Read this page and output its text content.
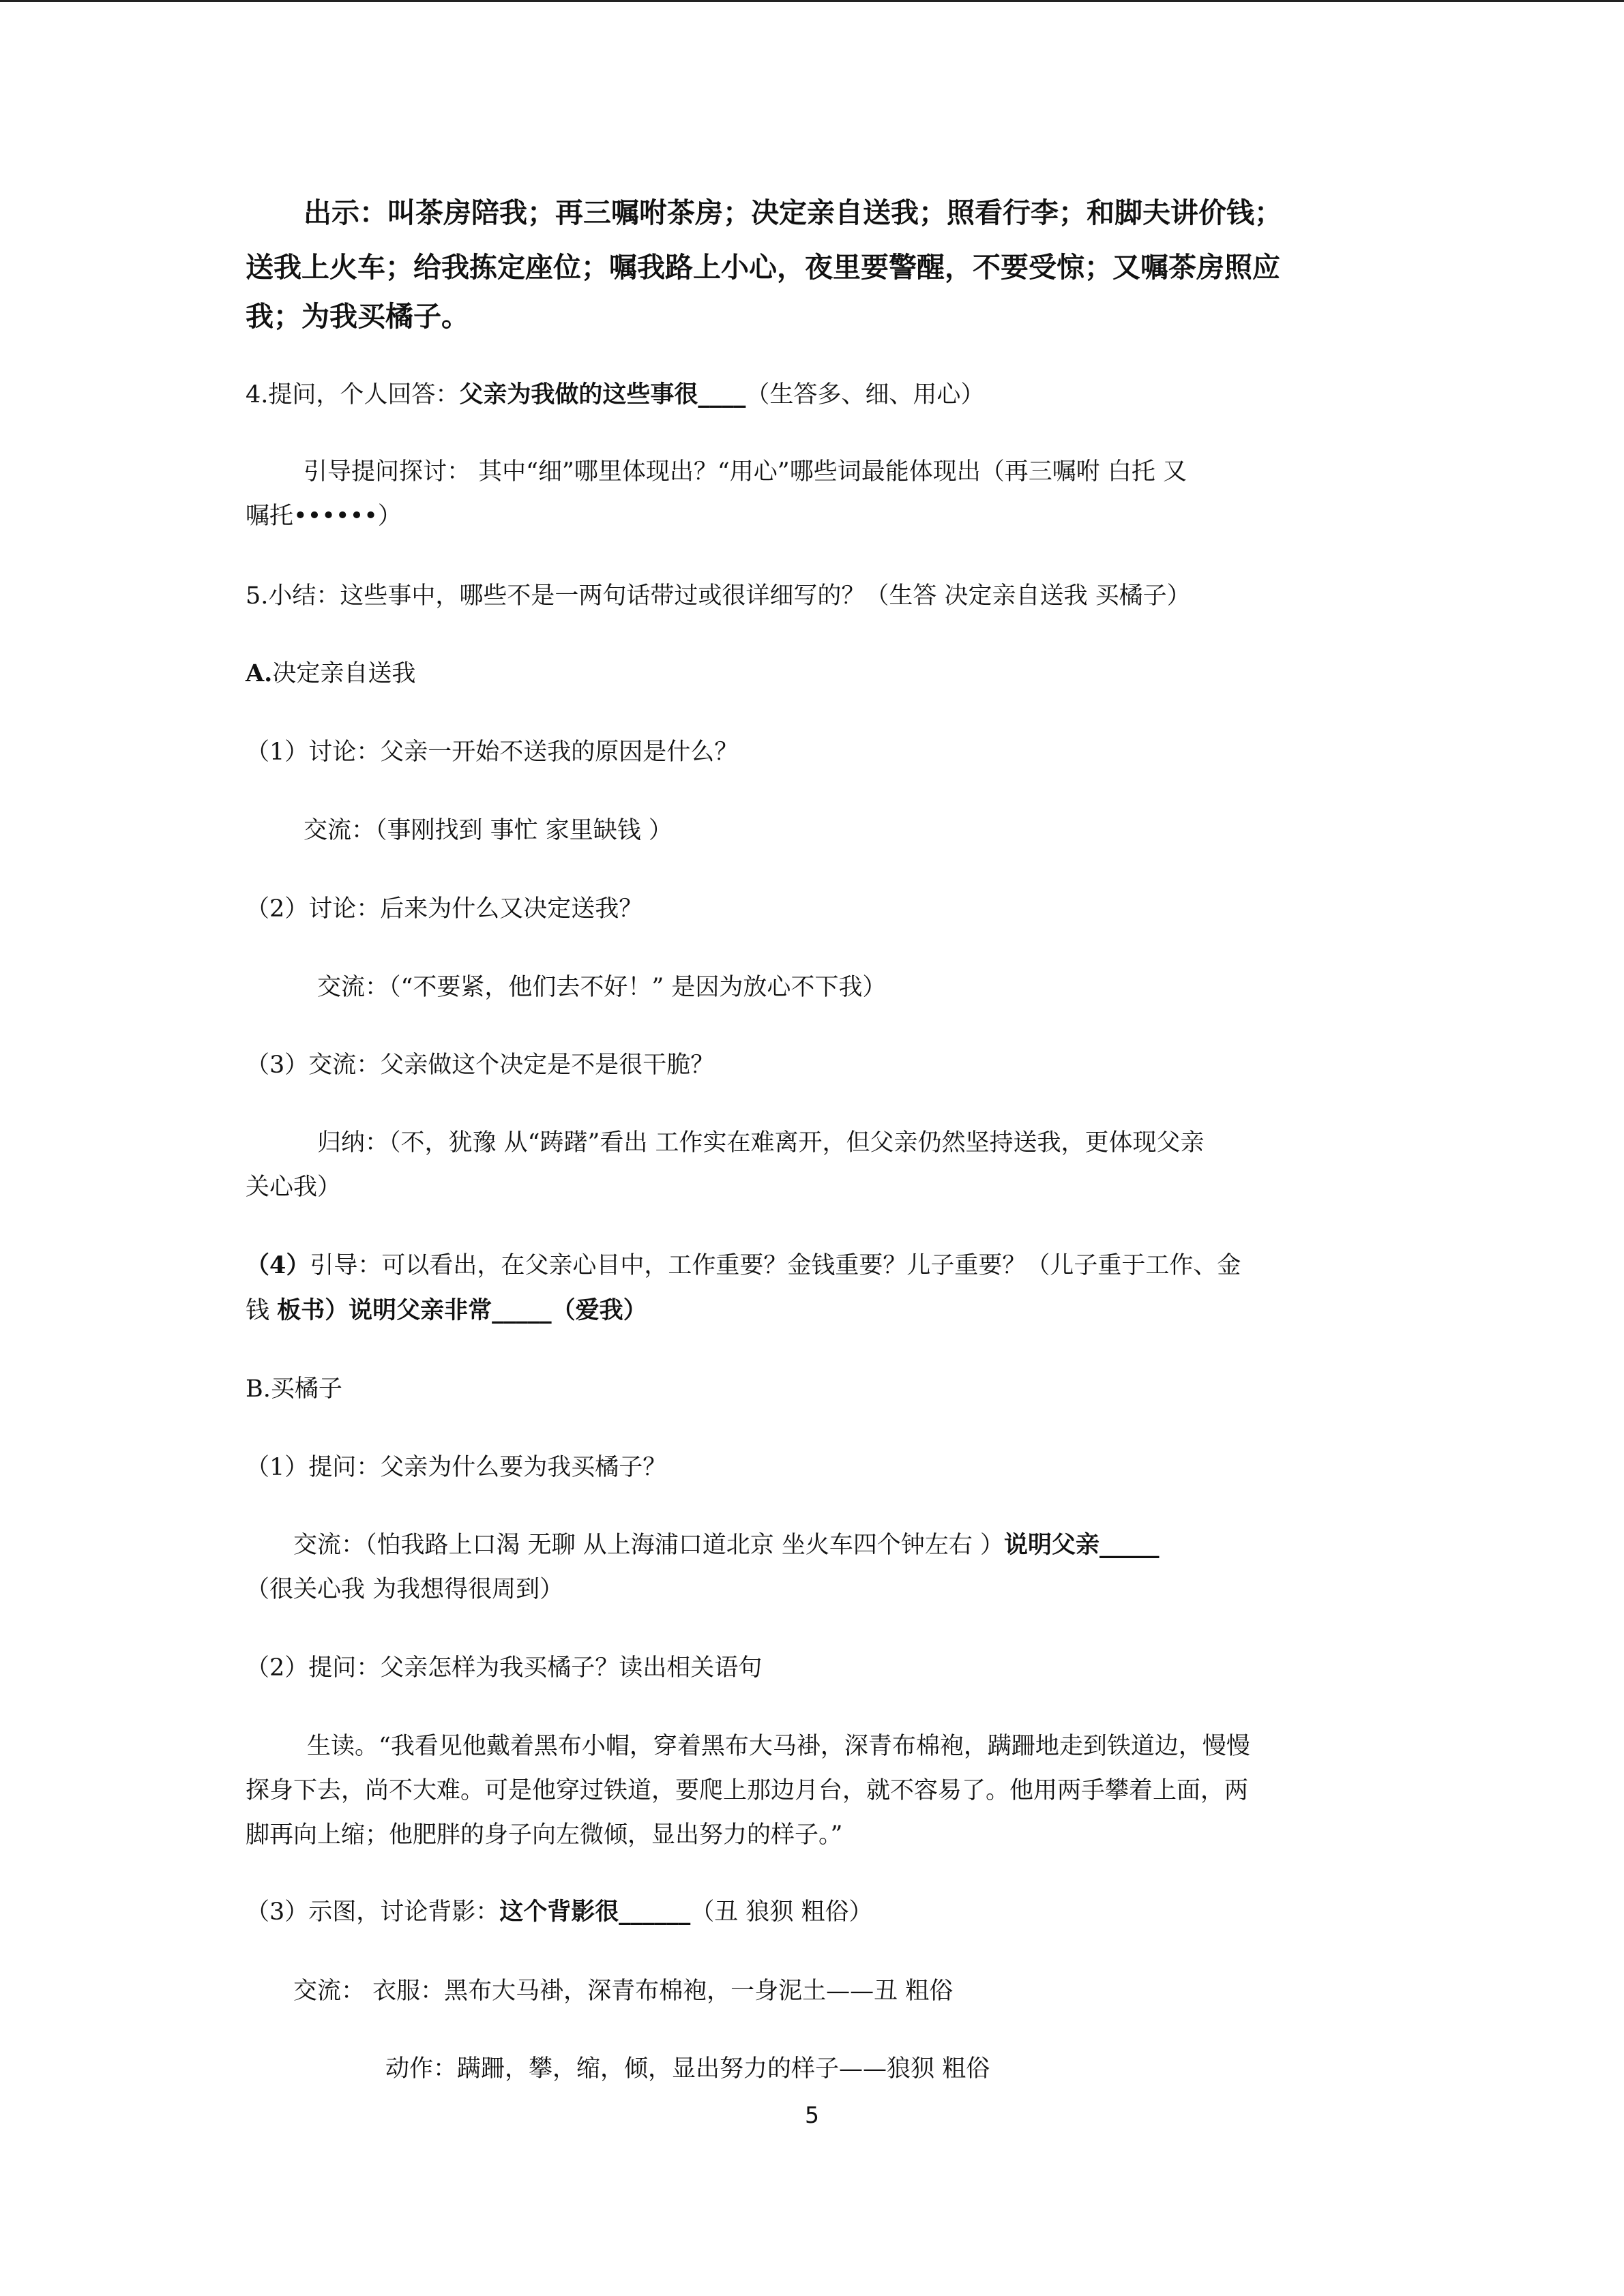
出示：叫茶房陪我；再三嘱咐茶房；决定亲自送我；照看行李；和脚夫讲价钱；
送我上火车；给我拣定座位；嘱我路上小心，夜里要警醒，不要受惊；又嘱茶房照应
我；为我买橘子。
4.提问，个人回答：父亲为我做的这些事很____（生答多、细、用心）
引导提问探讨： 其中“细”哪里体现出？“用心”哪些词最能体现出（再三嘱咐 白托 又
嘱托••••••）
5.小结：这些事中，哪些不是一两句话带过或很详细写的？（生答 决定亲自送我 买橘子）
A.决定亲自送我
（1）讨论：父亲一开始不送我的原因是什么？
交流：（事刚找到 事忙 家里缺钱 ）
（2）讨论：后来为什么又决定送我？
交流：（“不要紧，他们去不好！” 是因为放心不下我）
（3）交流：父亲做这个决定是不是很干脆？
归纳：（不，犹豫 从“踌躇”看出 工作实在难离开，但父亲仍然坚持送我，更体现父亲
关心我）
（4）引导：可以看出，在父亲心目中，工作重要？金钱重要？儿子重要？（儿子重于工作、金
钱 板书）说明父亲非常_____（爱我）
B.买橘子
（1）提问：父亲为什么要为我买橘子？
交流：（怕我路上口渴 无聊 从上海浦口道北京 坐火车四个钟左右 ）说明父亲_____
（很关心我 为我想得很周到）
（2）提问：父亲怎样为我买橘子？读出相关语句
生读。“我看见他戴着黑布小帽，穿着黑布大马褂，深青布棉袍，蹒跚地走到铁道边，慢慢
探身下去，尚不大难。可是他穿过铁道，要爬上那边月台，就不容易了。他用两手攀着上面，两
脚再向上缩；他肥胖的身子向左微倾，显出努力的样子。”
（3）示图，讨论背影：这个背影很______（丑 狼狈 粗俗）
交流： 衣服：黑布大马褂，深青布棉袍，一身泥土——丑 粗俗
动作：蹒跚，攀，缩，倾，显出努力的样子——狼狈 粗俗
5
